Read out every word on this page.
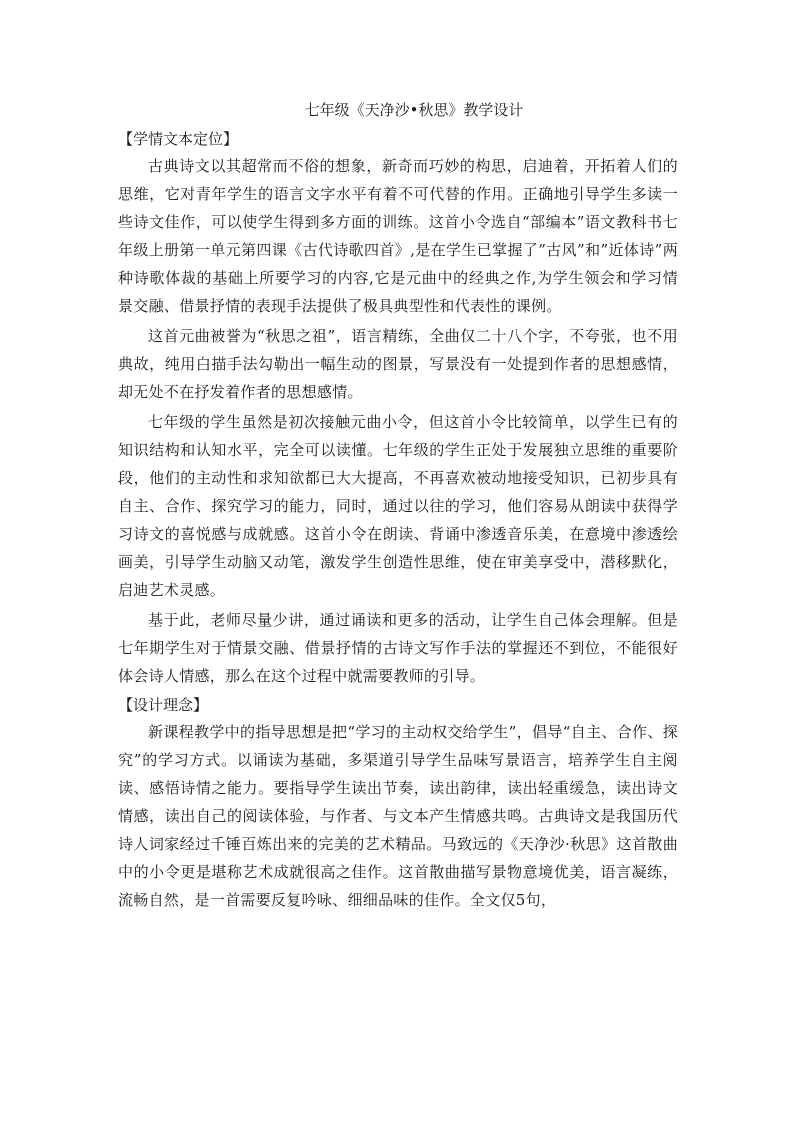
七年级《天净沙•秋思》教学设计

【学情文本定位】

古典诗文以其超常而不俗的想象，新奇而巧妙的构思，启迪着，开拓着人们的思维，它对青年学生的语言文字水平有着不可代替的作用。正确地引导学生多读一些诗文佳作，可以使学生得到多方面的训练。这首小令选自“部编本”语文教科书七年级上册第一单元第四课《古代诗歌四首》,是在学生已掌握了”古风”和”近体诗”两种诗歌体裁的基础上所要学习的内容,它是元曲中的经典之作,为学生领会和学习情景交融、借景抒情的表现手法提供了极具典型性和代表性的课例。

这首元曲被誉为“秋思之祖”，语言精练，全曲仅二十八个字，不夸张，也不用典故，纯用白描手法勾勒出一幅生动的图景，写景没有一处提到作者的思想感情，却无处不在抒发着作者的思想感情。

七年级的学生虽然是初次接触元曲小令，但这首小令比较简单，以学生已有的知识结构和认知水平，完全可以读懂。七年级的学生正处于发展独立思维的重要阶段，他们的主动性和求知欲都已大大提高，不再喜欢被动地接受知识，已初步具有自主、合作、探究学习的能力，同时，通过以往的学习，他们容易从朗读中获得学习诗文的喜悦感与成就感。这首小令在朗读、背诵中渗透音乐美，在意境中渗透绘画美，引导学生动脑又动笔，激发学生创造性思维，使在审美享受中，潜移默化，启迪艺术灵感。

基于此，老师尽量少讲，通过诵读和更多的活动，让学生自己体会理解。但是七年期学生对于情景交融、借景抒情的古诗文写作手法的掌握还不到位，不能很好体会诗人情感，那么在这个过程中就需要教师的引导。

【设计理念】

新课程教学中的指导思想是把“学习的主动权交给学生”，倡导“自主、合作、探究”的学习方式。以诵读为基础，多渠道引导学生品味写景语言，培养学生自主阅读、感悟诗情之能力。要指导学生读出节奏，读出韵律，读出轻重缓急，读出诗文情感，读出自己的阅读体验，与作者、与文本产生情感共鸣。古典诗文是我国历代诗人词家经过千锤百炼出来的完美的艺术精品。马致远的《天净沙·秋思》这首散曲中的小令更是堪称艺术成就很高之佳作。这首散曲描写景物意境优美，语言凝练，流畅自然，是一首需要反复吟咏、细细品味的佳作。全文仅5句，
